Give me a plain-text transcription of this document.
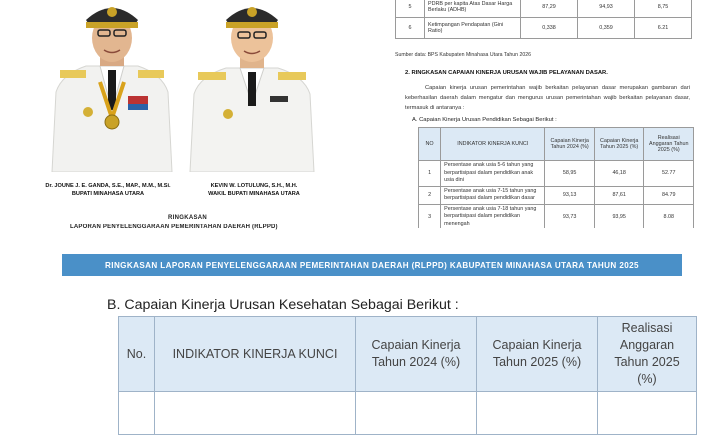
Dr. JOUNE J. E. GANDA, S.E., MAP., M.M., M.Si.
BUPATI MINAHASA UTARA
KEVIN W. LOTULUNG, S.H., M.H.
WAKIL BUPATI MINAHASA UTARA
RINGKASAN
LAPORAN PENYELENGGARAAN PEMERINTAHAN DAERAH (RLPPD)
5	PDRB per kapita Atas Dasar Harga Berlaku (ADHB)	87,29	94,93	8,75
6	Ketimpangan Pendapatan (Gini Ratio)	0,338	0,359	6.21
Sumber data: BPS Kabupaten Minahasa Utara Tahun 2026
2. RINGKASAN CAPAIAN KINERJA URUSAN WAJIB PELAYANAN DASAR.
Capaian kinerja urusan pemerintahan wajib berkaitan pelayanan dasar merupakan gambaran dari keberhasilan daerah dalam mengatur dan mengurus urusan pemerintahan wajib berkaitan pelayanan dasar, termasuk di antaranya :
A. Capaian Kinerja Urusan Pendidikan Sebagai Berikut :
NO	INDIKATOR KINERJA KUNCI	Capaian Kinerja Tahun 2024 (%)	Capaian Kinerja Tahun 2025 (%)	Realisasi Anggaran Tahun 2025 (%)
1	Persentase anak usia 5-6 tahun yang berpartisipasi dalam pendidikan anak usia dini	58,95	46,18	52.77
2	Persentase anak usia 7-15 tahun yang berpartisipasi dalam pendidikan dasar	93,13	87,61	84.79
3	Persentase anak usia 7-18 tahun yang berpartisipasi dalam pendidikan menengah	93,73	93,95	8.08
RINGKASAN LAPORAN PENYELENGGARAAN PEMERINTAHAN DAERAH (RLPPD) KABUPATEN MINAHASA UTARA TAHUN 2025
B. Capaian Kinerja Urusan Kesehatan Sebagai Berikut :
No.	INDIKATOR KINERJA KUNCI	Capaian Kinerja Tahun 2024 (%)	Capaian Kinerja Tahun 2025 (%)	Realisasi Anggaran Tahun 2025 (%)
